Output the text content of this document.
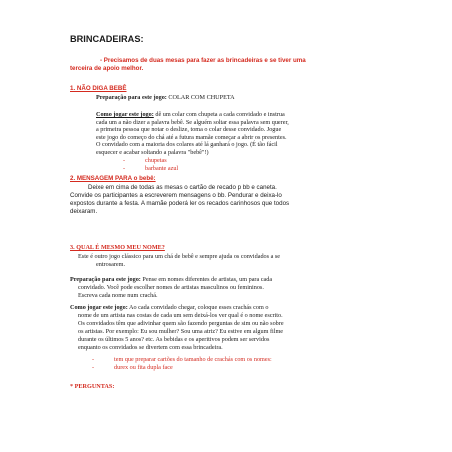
BRINCADEIRAS:
- Precisamos de duas mesas para fazer as brincadeiras e se tiver uma
terceira de apoio melhor.
1. NÃO DIGA BEBÊ
Preparação para este jogo: COLAR COM CHUPETA
Como jogar este jogo: dê um colar com chupeta a cada convidado e instrua
cada um a não dizer a palavra bebê. Se alguém soltar essa palavra sem querer,
a primeira pessoa que notar o deslize, toma o colar desse convidado. Jogue
este jogo do começo do chá até a futura mamãe começar a abrir os presentes.
O convidado com a maioria dos colares até lá ganhará o jogo. (É tão fácil
esquecer e acabar soltando a palavra "bebê"!)
-	chupetas
-	barbante azul
2. MENSAGEM PARA o bebê:
Deixe em cima de todas as mesas o cartão de recado p bb e caneta.
Convide os participantes a escreverem mensagens o bb. Pendurar e deixa-lo
expostos durante a festa. A mamãe poderá ler os recados carinhosos que todos
deixaram.
3. QUAL É MESMO MEU NOME?
Este é outro jogo clássico para um chá de bebê e sempre ajuda os convidados a se
entrosarem.
Preparação para este jogo: Pense em nomes diferentes de artistas, um para cada
convidado. Você pode escolher nomes de artistas masculinos ou femininos.
Escreva cada nome num crachá.
Como jogar este jogo: Ao cada convidado chegar, coloque esses crachás com o
nome de um artista nas costas de cada um sem deixá-los ver qual é o nome escrito.
Os convidados têm que adivinhar quem são fazendo perguntas de sim ou não sobre
os artistas. Por exemplo: Eu sou mulher? Sou uma atriz? Eu estive em algum filme
durante os últimos 5 anos? etc. As bebidas e os aperitivos podem ser servidos
enquanto os convidados se divertem com essa brincadeira.
-	tem que preparar cartões do tamanho de crachás com os nomes:
-	durex ou fita dupla face
* PERGUNTAS:
